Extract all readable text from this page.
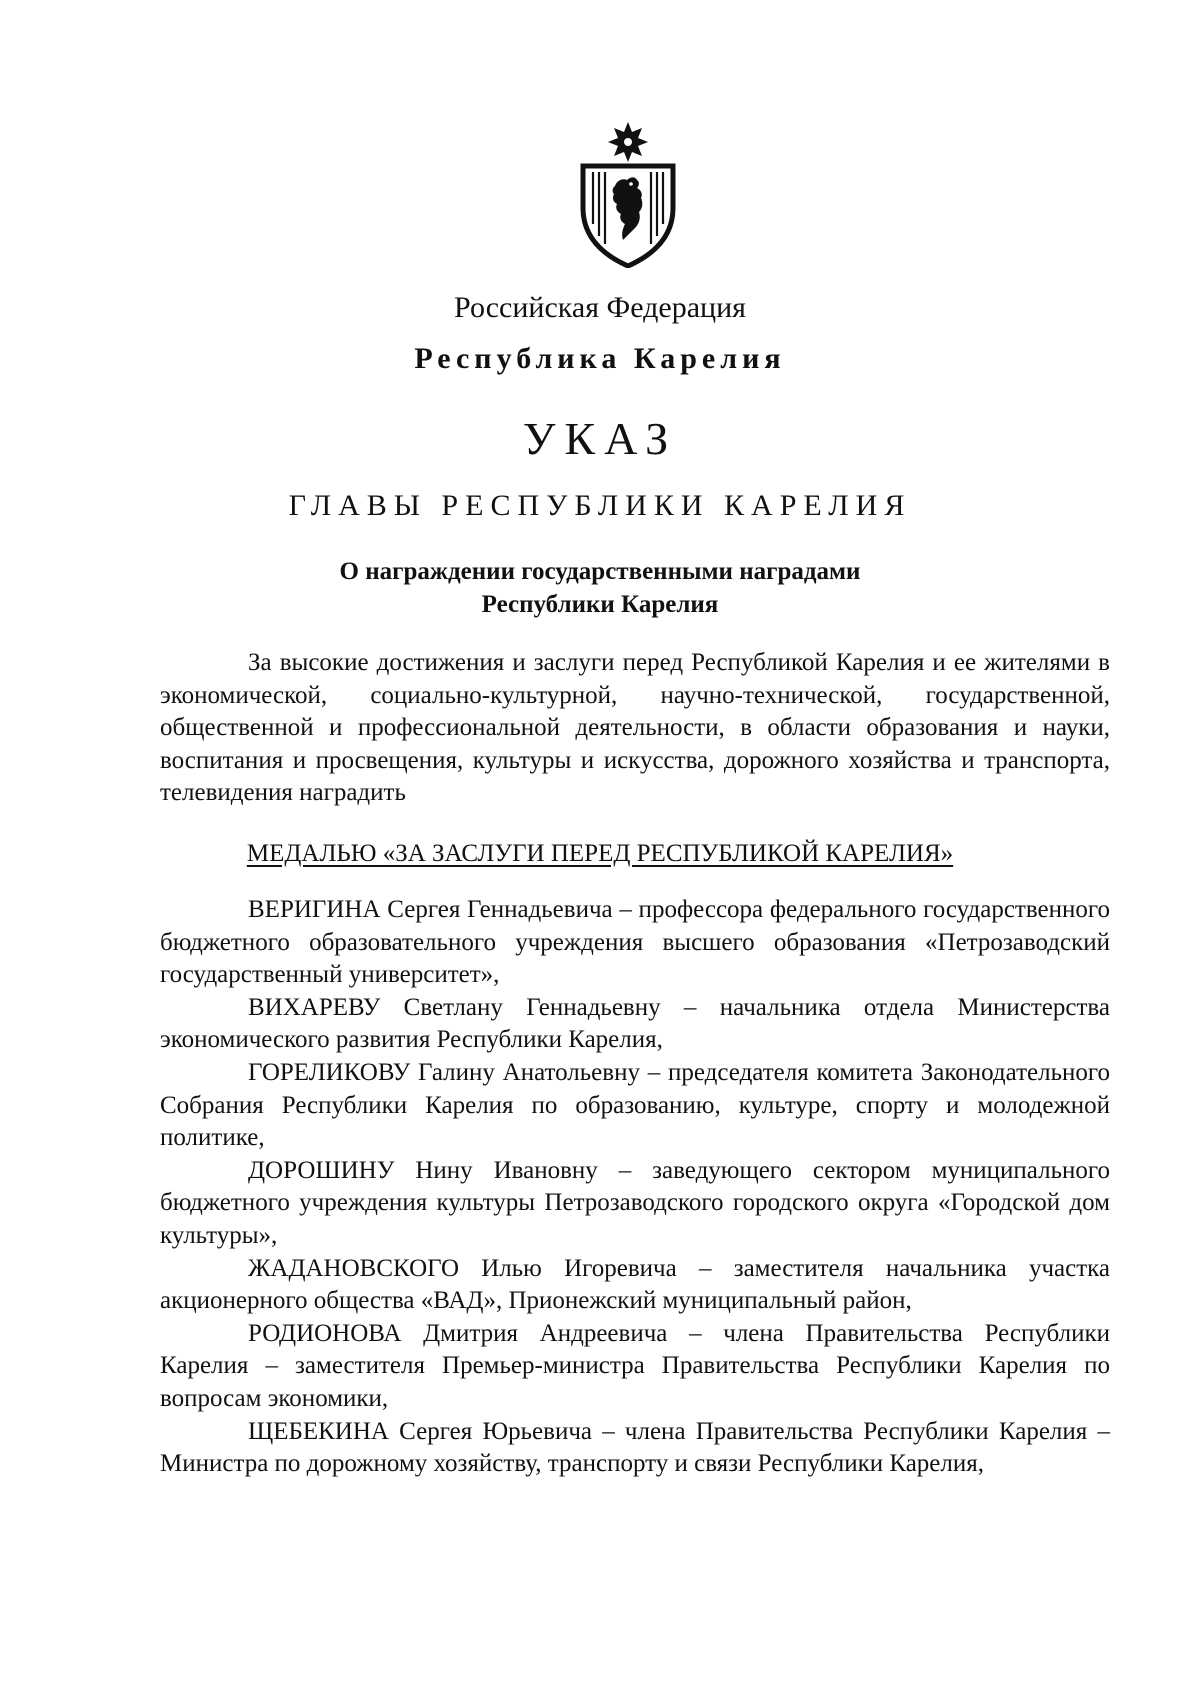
Российская Федерация
Республика Карелия
УКАЗ
ГЛАВЫ РЕСПУБЛИКИ КАРЕЛИЯ
О награждении государственными наградами
Республики Карелия

За высокие достижения и заслуги перед Республикой Карелия и ее жителями в экономической, социально-культурной, научно-технической, государственной, общественной и профессиональной деятельности, в области образования и науки, воспитания и просвещения, культуры и искусства, дорожного хозяйства и транспорта, телевидения наградить

МЕДАЛЬЮ «ЗА ЗАСЛУГИ ПЕРЕД РЕСПУБЛИКОЙ КАРЕЛИЯ»

ВЕРИГИНА Сергея Геннадьевича – профессора федерального государственного бюджетного образовательного учреждения высшего образования «Петрозаводский государственный университет»,

ВИХАРЕВУ Светлану Геннадьевну – начальника отдела Министерства экономического развития Республики Карелия,

ГОРЕЛИКОВУ Галину Анатольевну – председателя комитета Законодательного Собрания Республики Карелия по образованию, культуре, спорту и молодежной политике,

ДОРОШИНУ Нину Ивановну – заведующего сектором муниципального бюджетного учреждения культуры Петрозаводского городского округа «Городской дом культуры»,

ЖАДАНОВСКОГО Илью Игоревича – заместителя начальника участка акционерного общества «ВАД», Прионежский муниципальный район,

РОДИОНОВА Дмитрия Андреевича – члена Правительства Республики Карелия – заместителя Премьер-министра Правительства Республики Карелия по вопросам экономики,

ЩЕБЕКИНА Сергея Юрьевича – члена Правительства Республики Карелия – Министра по дорожному хозяйству, транспорту и связи Республики Карелия,
